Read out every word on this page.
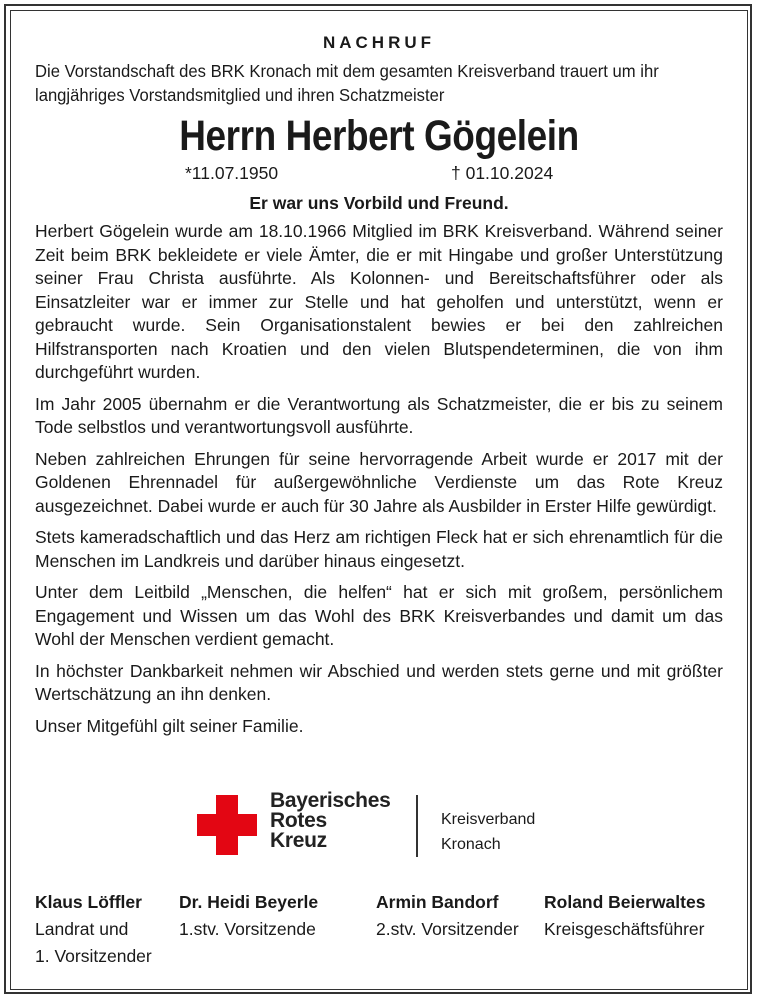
NACHRUF

Die Vorstandschaft des BRK Kronach mit dem gesamten Kreisverband trauert um ihr langjähriges Vorstandsmitglied und ihren Schatzmeister

Herrn Herbert Gögelein
*11.07.1950	† 01.10.2024

Er war uns Vorbild und Freund.

Herbert Gögelein wurde am 18.10.1966 Mitglied im BRK Kreisverband. Während seiner Zeit beim BRK bekleidete er viele Ämter, die er mit Hingabe und großer Unterstützung seiner Frau Christa ausführte. Als Kolonnen- und Bereitschaftsführer oder als Einsatzleiter war er immer zur Stelle und hat geholfen und unterstützt, wenn er gebraucht wurde. Sein Organisationstalent bewies er bei den zahlreichen Hilfstransporten nach Kroatien und den vielen Blutspendeterminen, die von ihm durchgeführt wurden.

Im Jahr 2005 übernahm er die Verantwortung als Schatzmeister, die er bis zu seinem Tode selbstlos und verantwortungsvoll ausführte.

Neben zahlreichen Ehrungen für seine hervorragende Arbeit wurde er 2017 mit der Goldenen Ehrennadel für außergewöhnliche Verdienste um das Rote Kreuz ausgezeichnet. Dabei wurde er auch für 30 Jahre als Ausbilder in Erster Hilfe gewürdigt.

Stets kameradschaftlich und das Herz am richtigen Fleck hat er sich ehrenamtlich für die Menschen im Landkreis und darüber hinaus eingesetzt.

Unter dem Leitbild „Menschen, die helfen“ hat er sich mit großem, persönlichem Engagement und Wissen um das Wohl des BRK Kreisverbandes und damit um das Wohl der Menschen verdient gemacht.

In höchster Dankbarkeit nehmen wir Abschied und werden stets gerne und mit größter Wertschätzung an ihn denken.

Unser Mitgefühl gilt seiner Familie.

Bayerisches
Rotes
Kreuz
Kreisverband
Kronach
Klaus Löffler
Landrat und
1. Vorsitzender
Dr. Heidi Beyerle
1.stv. Vorsitzende
Armin Bandorf
2.stv. Vorsitzender
Roland Beierwaltes
Kreisgeschäftsführer
